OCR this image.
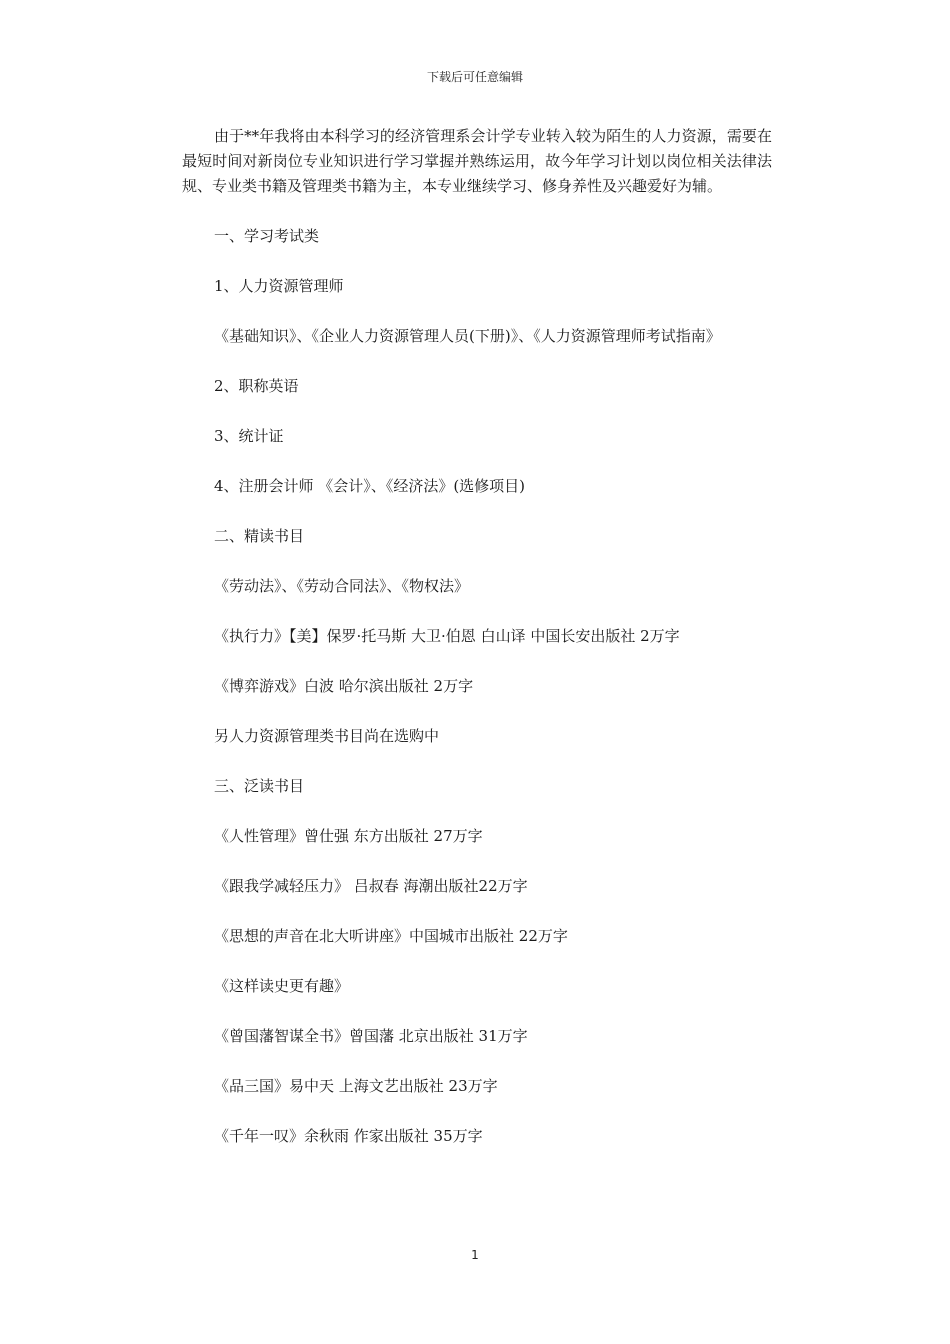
下载后可任意编辑

由于**年我将由本科学习的经济管理系会计学专业转入较为陌生的人力资源，需要在最短时间对新岗位专业知识进行学习掌握并熟练运用，故今年学习计划以岗位相关法律法规、专业类书籍及管理类书籍为主，本专业继续学习、修身养性及兴趣爱好为辅。

一、学习考试类

1、人力资源管理师

《基础知识》、《企业人力资源管理人员(下册)》、《人力资源管理师考试指南》

2、职称英语

3、统计证

4、注册会计师 《会计》、《经济法》(选修项目)

二、精读书目

《劳动法》、《劳动合同法》、《物权法》

《执行力》【美】保罗·托马斯 大卫·伯恩 白山译 中国长安出版社 2万字

《博弈游戏》白波 哈尔滨出版社 2万字

另人力资源管理类书目尚在选购中

三、泛读书目

《人性管理》曾仕强 东方出版社 27万字

《跟我学减轻压力》 吕叔春 海潮出版社22万字

《思想的声音在北大听讲座》中国城市出版社 22万字

《这样读史更有趣》

《曾国藩智谋全书》曾国藩 北京出版社 31万字

《品三国》易中天 上海文艺出版社 23万字

《千年一叹》余秋雨 作家出版社 35万字

1
